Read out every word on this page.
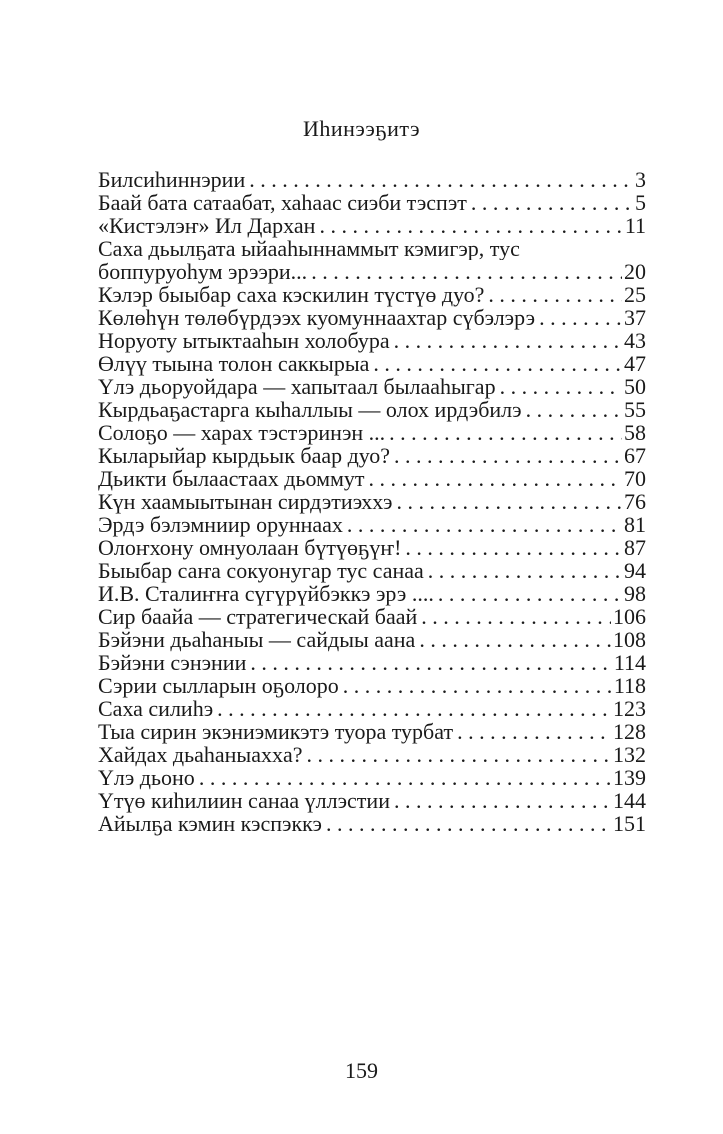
Иһинээҕитэ
Билсиһиннэрии . . .	3
Баай бата сатаабат, хаһаас сиэби тэспэт . . .	5
«Кистэлэҥ» Ил Дархан . . .	11
Саха дьылҕата ыйааһыннаммыт кэмигэр, тус
боппуруоһум эрээри... . . .	20
Кэлэр быыбар саха кэскилин түстүө дуо? . . .	25
Көлөһүн төлөбүрдээх куомуннаахтар сүбэлэрэ . . .	37
Норуоту ытыктааһын холобура . . .	43
Өлүү тыына толон саккырыа . . .	47
Үлэ дьоруойдара — хапытаал былааһыгар . . .	50
Кырдьаҕастарга кыһаллыы — олох ирдэбилэ . . .	55
Солоҕо — харах тэстэринэн ... . . .	58
Кыларыйар кырдьык баар дуо? . . .	67
Дьикти былаастаах дьоммут . . .	70
Күн хаамыытынан сирдэтиэххэ . . .	76
Эрдэ бэлэмниир оруннаах . . .	81
Олоҥхону омнуолаан бүтүөҕүҥ! . . .	87
Быыбар саҥа сокуонугар тус санаа . . .	94
И.В. Сталиҥҥа сүгүрүйбэккэ эрэ .... . . .	98
Сир баайа — стратегическай баай . . .	106
Бэйэни дьаһаныы — сайдыы аана . . .	108
Бэйэни сэнэнии . . .	114
Сэрии сылларын оҕолоро . . .	118
Саха силиһэ . . .	123
Тыа сирин экэниэмикэтэ туора турбат . . .	128
Хайдах дьаһаныаххa? . . .	132
Үлэ дьоно . . .	139
Үтүө киһилиин санаа үллэстии . . .	144
Айылҕа кэмин кэспэккэ . . .	151
159
